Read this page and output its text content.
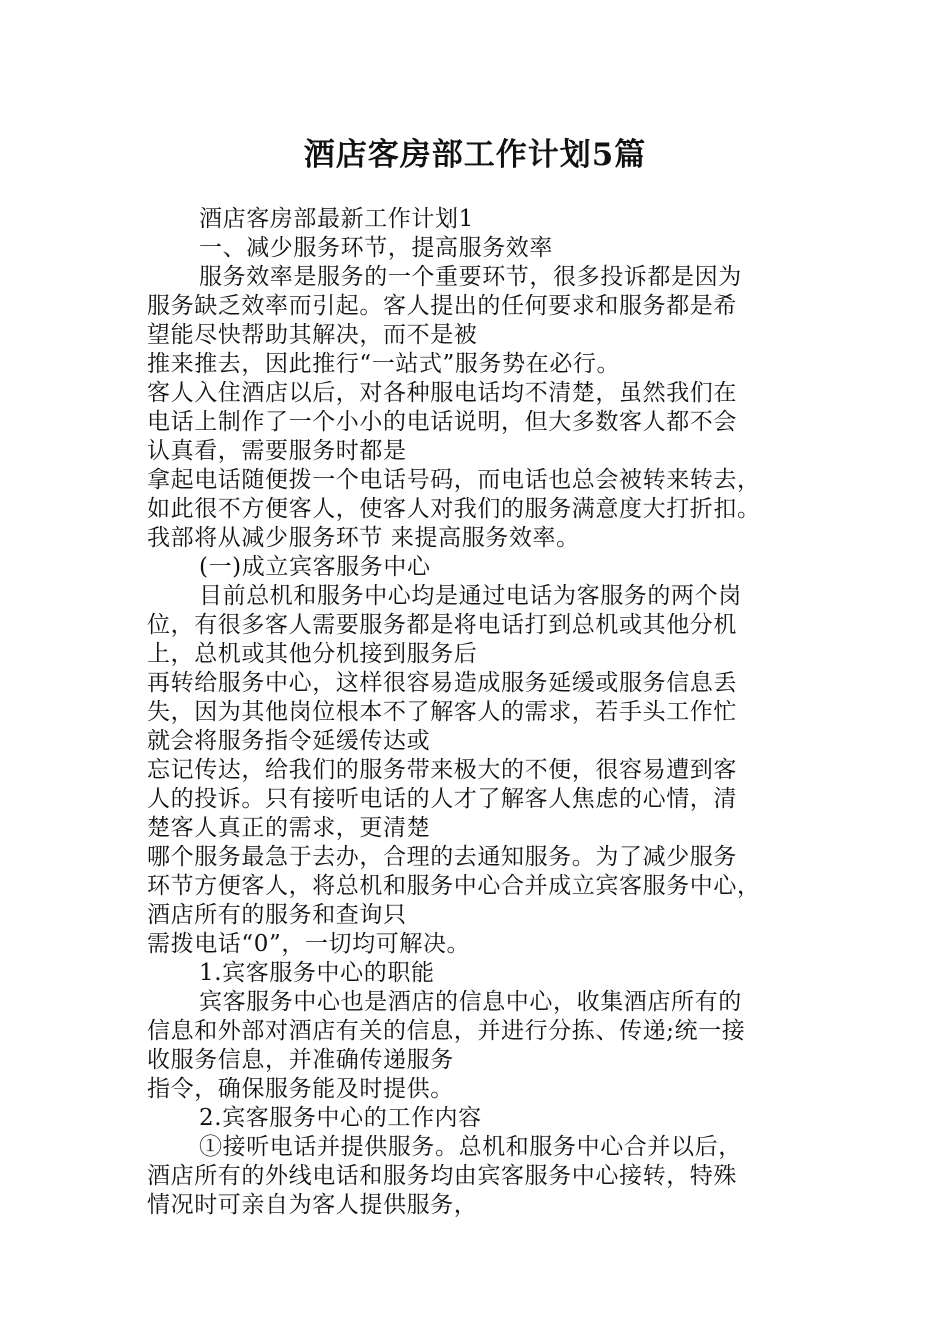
酒店客房部工作计划5篇
酒店客房部最新工作计划1
一、减少服务环节，提高服务效率
服务效率是服务的一个重要环节，很多投诉都是因为
服务缺乏效率而引起。客人提出的任何要求和服务都是希
望能尽快帮助其解决，而不是被
推来推去，因此推行“一站式”服务势在必行。
客人入住酒店以后，对各种服电话均不清楚，虽然我们在
电话上制作了一个小小的电话说明，但大多数客人都不会
认真看，需要服务时都是
拿起电话随便拨一个电话号码，而电话也总会被转来转去，
如此很不方便客人，使客人对我们的服务满意度大打折扣。
我部将从减少服务环节 来提高服务效率。
(一)成立宾客服务中心
目前总机和服务中心均是通过电话为客服务的两个岗
位，有很多客人需要服务都是将电话打到总机或其他分机
上，总机或其他分机接到服务后
再转给服务中心，这样很容易造成服务延缓或服务信息丢
失，因为其他岗位根本不了解客人的需求，若手头工作忙
就会将服务指令延缓传达或
忘记传达，给我们的服务带来极大的不便，很容易遭到客
人的投诉。只有接听电话的人才了解客人焦虑的心情，清
楚客人真正的需求，更清楚
哪个服务最急于去办，合理的去通知服务。为了减少服务
环节方便客人，将总机和服务中心合并成立宾客服务中心，
酒店所有的服务和查询只
需拨电话“0”，一切均可解决。
1.宾客服务中心的职能
宾客服务中心也是酒店的信息中心，收集酒店所有的
信息和外部对酒店有关的信息，并进行分拣、传递;统一接
收服务信息，并准确传递服务
指令，确保服务能及时提供。
2.宾客服务中心的工作内容
①接听电话并提供服务。总机和服务中心合并以后，
酒店所有的外线电话和服务均由宾客服务中心接转，特殊
情况时可亲自为客人提供服务，
